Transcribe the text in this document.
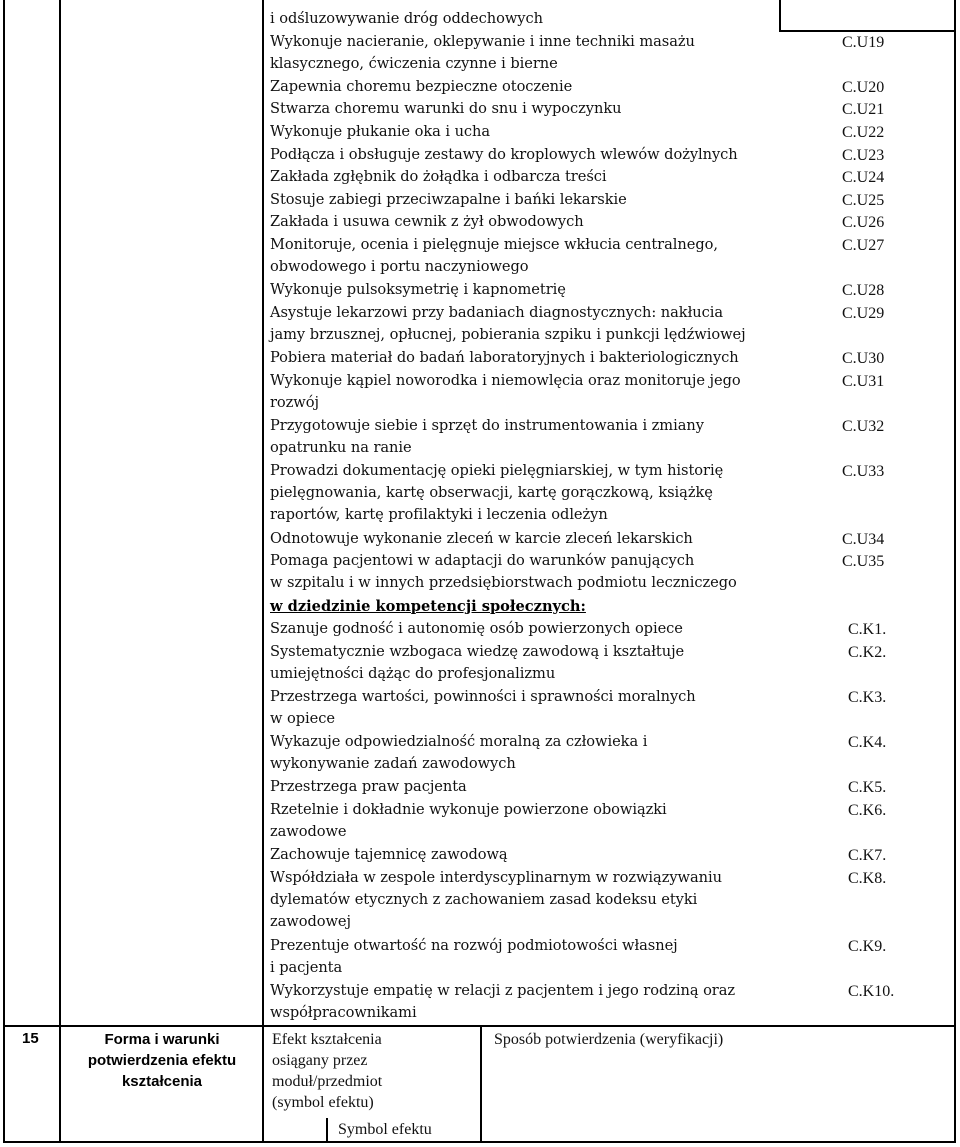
i odśluzowywanie dróg oddechowych
Wykonuje nacieranie, oklepywanie i inne techniki masażu
klasycznego, ćwiczenia czynne i bierne
C.U19
Zapewnia choremu bezpieczne otoczenie	C.U20
Stwarza choremu warunki do snu i wypoczynku	C.U21
Wykonuje płukanie oka i ucha	C.U22
Podłącza i obsługuje zestawy do kroplowych wlewów dożylnych	C.U23
Zakłada zgłębnik do żołądka i odbarcza treści	C.U24
Stosuje zabiegi przeciwzapalne i bańki lekarskie	C.U25
Zakłada i usuwa cewnik z żył obwodowych	C.U26
Monitoruje, ocenia i pielęgnuje miejsce wkłucia centralnego,
obwodowego i portu naczyniowego
C.U27
Wykonuje pulsoksymetrię i kapnometrię	C.U28
Asystuje lekarzowi przy badaniach diagnostycznych: nakłucia
jamy brzusznej, opłucnej, pobierania szpiku i punkcji lędźwiowej
C.U29
Pobiera materiał do badań laboratoryjnych i bakteriologicznych	C.U30
Wykonuje kąpiel noworodka i niemowlęcia oraz monitoruje jego
rozwój
C.U31
Przygotowuje siebie i sprzęt do instrumentowania i zmiany
opatrunku na ranie
C.U32
Prowadzi dokumentację opieki pielęgniarskiej, w tym historię
pielęgnowania, kartę obserwacji, kartę gorączkową, książkę
raportów, kartę profilaktyki i leczenia odleżyn
C.U33
Odnotowuje wykonanie zleceń w karcie zleceń lekarskich	C.U34
Pomaga pacjentowi w adaptacji do warunków panujących
w szpitalu i w innych przedsiębiorstwach podmiotu leczniczego
C.U35
w dziedzinie kompetencji społecznych:
Szanuje godność i autonomię osób powierzonych opiece	C.K1.
Systematycznie wzbogaca wiedzę zawodową i kształtuje
umiejętności dążąc do profesjonalizmu
C.K2.
Przestrzega wartości, powinności i sprawności moralnych
w opiece
C.K3.
Wykazuje odpowiedzialność moralną za człowieka i
wykonywanie zadań zawodowych
C.K4.
Przestrzega praw pacjenta	C.K5.
Rzetelnie i dokładnie wykonuje powierzone obowiązki
zawodowe
C.K6.
Zachowuje tajemnicę zawodową	C.K7.
Współdziała w zespole interdyscyplinarnym w rozwiązywaniu
dylematów etycznych z zachowaniem zasad kodeksu etyki
zawodowej
C.K8.
Prezentuje otwartość na rozwój podmiotowości własnej
i pacjenta
C.K9.
Wykorzystuje empatię w relacji z pacjentem i jego rodziną oraz
współpracownikami
C.K10.
15	Forma i warunki potwierdzenia efektu kształcenia
Efekt kształcenia osiągany przez moduł/przedmiot (symbol efektu)
Sposób potwierdzenia (weryfikacji)
Symbol efektu
